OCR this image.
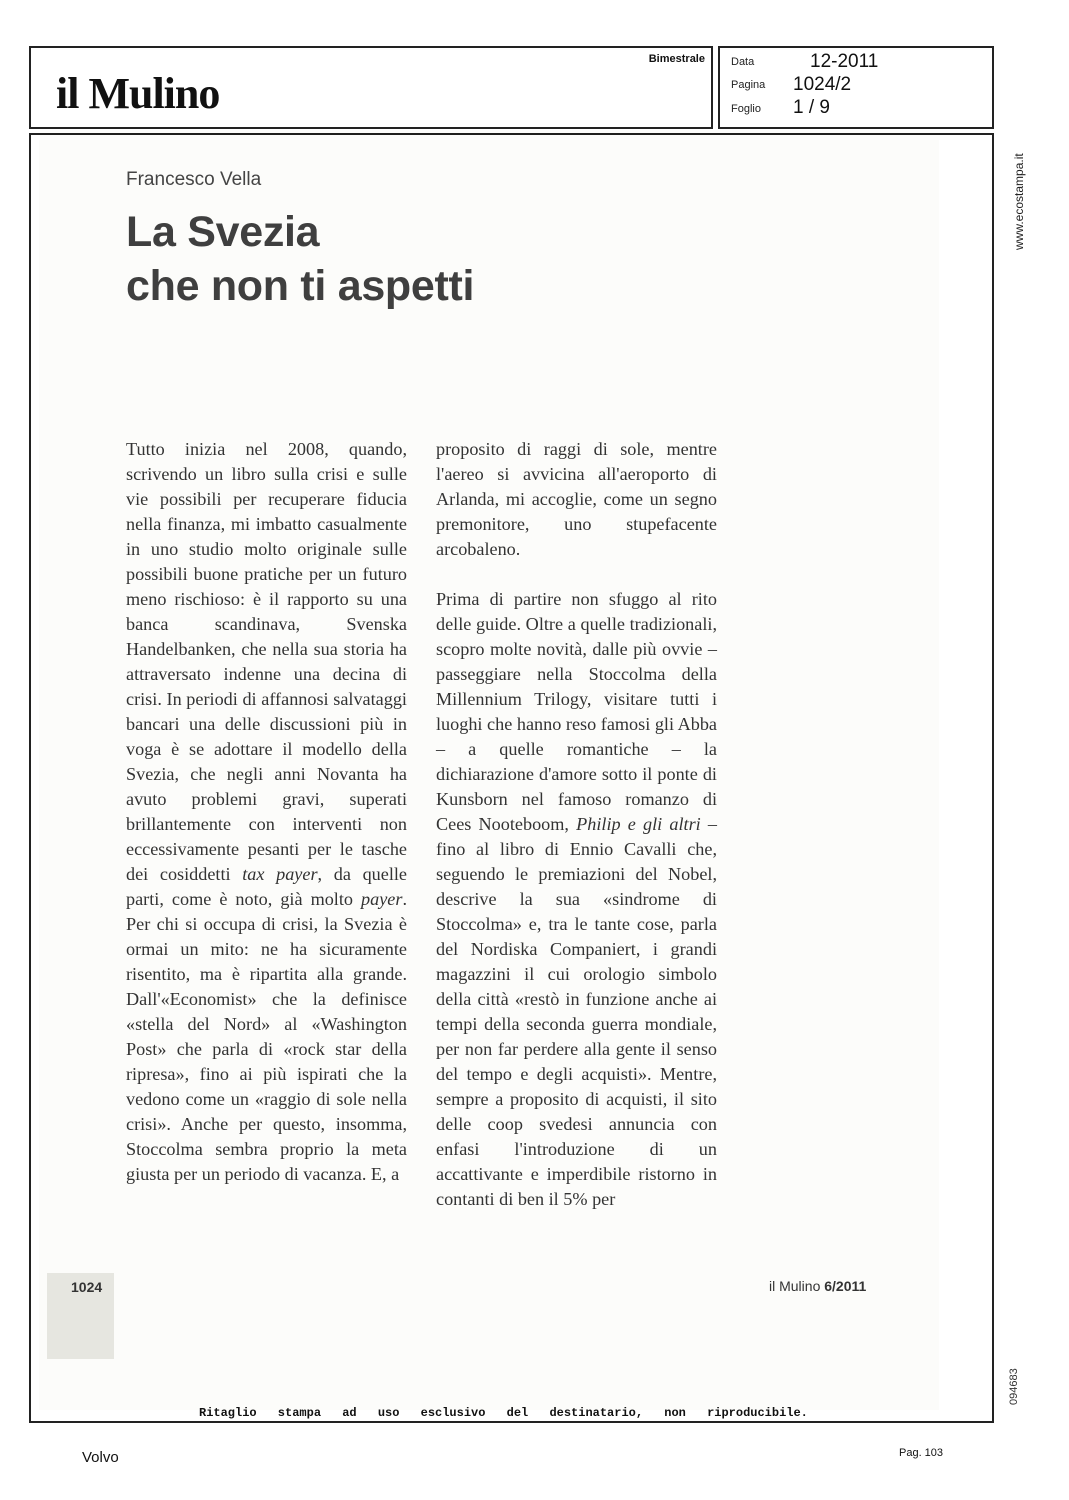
Bimestrale
il Mulino
Data	12-2011
Pagina 1024/2
Foglio 1 / 9
Francesco Vella
La Svezia
che non ti aspetti

Tutto inizia nel 2008, quando, scrivendo un libro sulla crisi e sulle vie possibili per recuperare fiducia nella finanza, mi imbatto casualmente in uno studio molto originale sulle possibili buone pratiche per un futuro meno rischioso: è il rapporto su una banca scandinava, Svenska Handelbanken, che nella sua storia ha attraversato indenne una decina di crisi. In periodi di affannosi salvataggi bancari una delle discussioni più in voga è se adottare il modello della Svezia, che negli anni Novanta ha avuto problemi gravi, superati brillantemente con interventi non eccessivamente pesanti per le tasche dei cosiddetti tax payer, da quelle parti, come è noto, già molto payer. Per chi si occupa di crisi, la Svezia è ormai un mito: ne ha sicuramente risentito, ma è ripartita alla grande. Dall'«Economist» che la definisce «stella del Nord» al «Washington Post» che parla di «rock star della ripresa», fino ai più ispirati che la vedono come un «raggio di sole nella crisi». Anche per questo, insomma, Stoccolma sembra proprio la meta giusta per un periodo di vacanza. E, a

proposito di raggi di sole, mentre l'aereo si avvicina all'aeroporto di Arlanda, mi accoglie, come un segno premonitore, uno stupefacente arcobaleno.

Prima di partire non sfuggo al rito delle guide. Oltre a quelle tradizionali, scopro molte novità, dalle più ovvie – passeggiare nella Stoccolma della Millennium Trilogy, visitare tutti i luoghi che hanno reso famosi gli Abba – a quelle romantiche – la dichiarazione d'amore sotto il ponte di Kunsborn nel famoso romanzo di Cees Nooteboom, Philip e gli altri – fino al libro di Ennio Cavalli che, seguendo le premiazioni del Nobel, descrive la sua «sindrome di Stoccolma» e, tra le tante cose, parla del Nordiska Companiert, i grandi magazzini il cui orologio simbolo della città «restò in funzione anche ai tempi della seconda guerra mondiale, per non far perdere alla gente il senso del tempo e degli acquisti». Mentre, sempre a proposito di acquisti, il sito delle coop svedesi annuncia con enfasi l'introduzione di un accattivante e imperdibile ristorno in contanti di ben il 5% per

1024	il Mulino 6/2011
www.ecostampa.it
094683
Ritaglio stampa ad uso esclusivo del destinatario, non riproducibile.
Volvo	Pag. 103
